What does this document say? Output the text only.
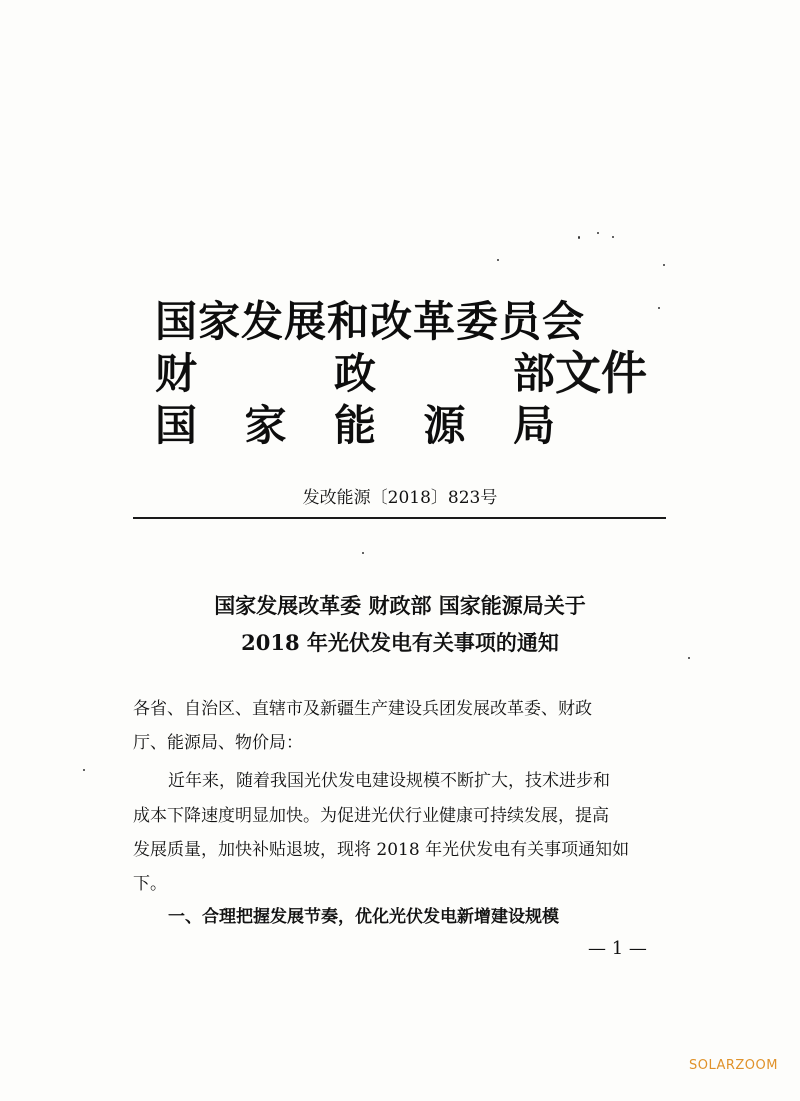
国家发展和改革委员会
财	政	部
国 家 能 源 局
文件
发改能源〔2018〕823号
国家发展改革委 财政部 国家能源局关于
2018 年光伏发电有关事项的通知
各省、自治区、直辖市及新疆生产建设兵团发展改革委、财政
厅、能源局、物价局：
近年来，随着我国光伏发电建设规模不断扩大，技术进步和
成本下降速度明显加快。为促进光伏行业健康可持续发展，提高
发展质量，加快补贴退坡，现将 2018 年光伏发电有关事项通知如
下。
一、合理把握发展节奏，优化光伏发电新增建设规模
— 1 —
SOLARZOOM
